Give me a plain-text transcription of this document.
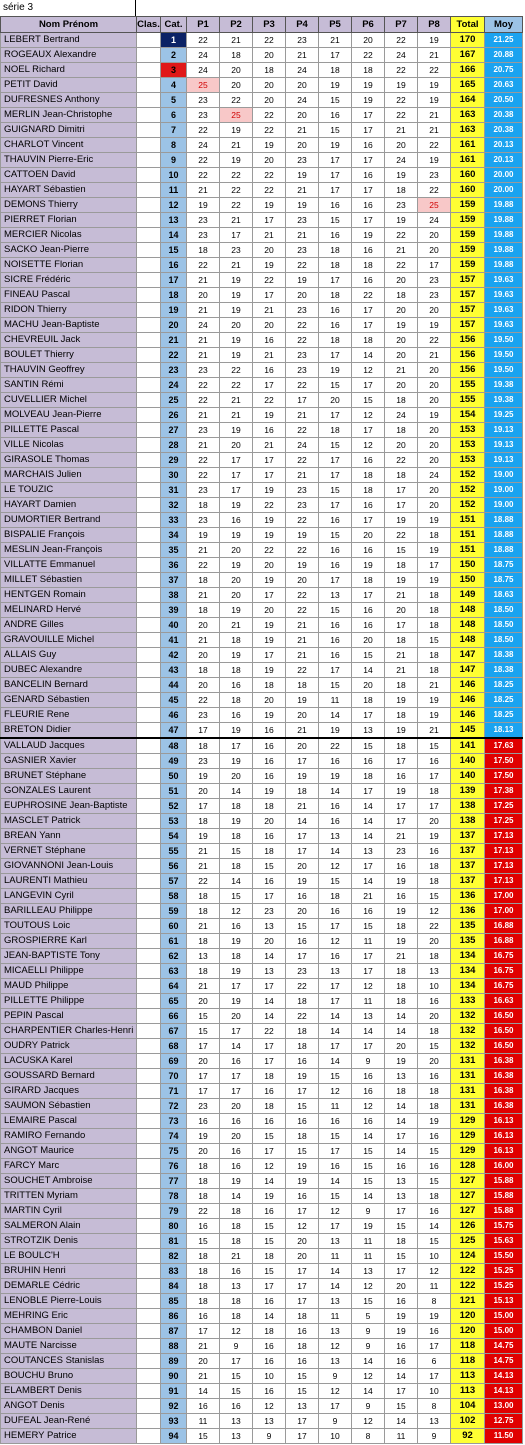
série 3
Nom Prénom	Clas.	Cat.	P1	P2	P3	P4	P5	P6	P7	P8	Total	Moy
LEBERT Bertrand		1	22	21	22	23	21	20	22	19	170	21.25
ROGEAUX Alexandre		2	24	18	20	21	17	22	24	21	167	20.88
NOEL Richard		3	24	20	18	24	18	18	22	22	166	20.75
PETIT David		4	25	20	20	20	19	19	19	19	165	20.63
DUFRESNES Anthony		5	23	22	20	24	15	19	22	19	164	20.50
MERLIN Jean-Christophe		6	23	25	22	20	16	17	22	21	163	20.38
GUIGNARD Dimitri		7	22	19	22	21	15	17	21	21	163	20.38
CHARLOT Vincent		8	24	21	19	20	19	16	20	22	161	20.13
THAUVIN Pierre-Eric		9	22	19	20	23	17	17	24	19	161	20.13
CATTOEN David		10	22	22	22	19	17	16	19	23	160	20.00
HAYART Sébastien		11	21	22	22	21	17	17	18	22	160	20.00
DEMONS Thierry		12	19	22	19	19	16	16	23	25	159	19.88
PIERRET Florian		13	23	21	17	23	15	17	19	24	159	19.88
MERCIER Nicolas		14	23	17	21	21	16	19	22	20	159	19.88
SACKO Jean-Pierre		15	18	23	20	23	18	16	21	20	159	19.88
NOISETTE Florian		16	22	21	19	22	18	18	22	17	159	19.88
SICRE Frédéric		17	21	19	22	19	17	16	20	23	157	19.63
FINEAU Pascal		18	20	19	17	20	18	22	18	23	157	19.63
RIDON Thierry		19	21	19	21	23	16	17	20	20	157	19.63
MACHU Jean-Baptiste		20	24	20	20	22	16	17	19	19	157	19.63
CHEVREUIL Jack		21	21	19	16	22	18	18	20	22	156	19.50
BOULET Thierry		22	21	19	21	23	17	14	20	21	156	19.50
THAUVIN Geoffrey		23	23	22	16	23	19	12	21	20	156	19.50
SANTIN Rémi		24	22	22	17	22	15	17	20	20	155	19.38
CUVELLIER Michel		25	22	21	22	17	20	15	18	20	155	19.38
MOLVEAU Jean-Pierre		26	21	21	19	21	17	12	24	19	154	19.25
PILLETTE Pascal		27	23	19	16	22	18	17	18	20	153	19.13
VILLE Nicolas		28	21	20	21	24	15	12	20	20	153	19.13
GIRASOLE Thomas		29	22	17	17	22	17	16	22	20	153	19.13
MARCHAIS Julien		30	22	17	17	21	17	18	18	24	152	19.00
LE TOUZIC		31	23	17	19	23	15	18	17	20	152	19.00
HAYART Damien		32	18	19	22	23	17	16	17	20	152	19.00
DUMORTIER Bertrand		33	23	16	19	22	16	17	19	19	151	18.88
BISPALIE François		34	19	19	19	19	15	20	22	18	151	18.88
MESLIN Jean-François		35	21	20	22	22	16	16	15	19	151	18.88
VILLATTE Emmanuel		36	22	19	20	19	16	19	18	17	150	18.75
MILLET Sébastien		37	18	20	19	20	17	18	19	19	150	18.75
HENTGEN Romain		38	21	20	17	22	13	17	21	18	149	18.63
MELINARD Hervé		39	18	19	20	22	15	16	20	18	148	18.50
ANDRE Gilles		40	20	21	19	21	16	16	17	18	148	18.50
GRAVOUILLE Michel		41	21	18	19	21	16	20	18	15	148	18.50
ALLAIS Guy		42	20	19	17	21	16	15	21	18	147	18.38
DUBEC Alexandre		43	18	18	19	22	17	14	21	18	147	18.38
BANCELIN Bernard		44	20	16	18	18	15	20	18	21	146	18.25
GENARD Sébastien		45	22	18	20	19	11	18	19	19	146	18.25
FLEURIE Rene		46	23	16	19	20	14	17	18	19	146	18.25
BRETON Didier		47	17	19	16	21	19	13	19	21	145	18.13
VALLAUD Jacques		48	18	17	16	20	22	15	18	15	141	17.63
GASNIER Xavier		49	23	19	16	17	16	16	17	16	140	17.50
BRUNET Stéphane		50	19	20	16	19	19	18	16	17	140	17.50
GONZALES Laurent		51	20	14	19	18	14	17	19	18	139	17.38
EUPHROSINE Jean-Baptiste		52	17	18	18	21	16	14	17	17	138	17.25
MASCLET Patrick		53	18	19	20	14	16	14	17	20	138	17.25
BREAN Yann		54	19	18	16	17	13	14	21	19	137	17.13
VERNET Stéphane		55	21	15	18	17	14	13	23	16	137	17.13
GIOVANNONI Jean-Louis		56	21	18	15	20	12	17	16	18	137	17.13
LAURENTI Mathieu		57	22	14	16	19	15	14	19	18	137	17.13
LANGEVIN Cyril		58	18	15	17	16	18	21	16	15	136	17.00
BARILLEAU Philippe		59	18	12	23	20	16	16	19	12	136	17.00
TOUTOUS Loic		60	21	16	13	15	17	15	18	22	135	16.88
GROSPIERRE Karl		61	18	19	20	16	12	11	19	20	135	16.88
JEAN-BAPTISTE Tony		62	13	18	14	17	16	17	21	18	134	16.75
MICAELLI Philippe		63	18	19	13	23	13	17	18	13	134	16.75
MAUD Philippe		64	21	17	17	22	17	12	18	10	134	16.75
PILLETTE Philippe		65	20	19	14	18	17	11	18	16	133	16.63
PEPIN Pascal		66	15	20	14	22	14	13	14	20	132	16.50
CHARPENTIER Charles-Henri		67	15	17	22	18	14	14	14	18	132	16.50
OUDRY Patrick		68	17	14	17	18	17	17	20	15	132	16.50
LACUSKA Karel		69	20	16	17	16	14	9	19	20	131	16.38
GOUSSARD Bernard		70	17	17	18	19	15	16	13	16	131	16.38
GIRARD Jacques		71	17	17	16	17	12	16	18	18	131	16.38
SAUMON Sébastien		72	23	20	18	15	11	12	14	18	131	16.38
LEMAIRE Pascal		73	16	16	16	16	16	16	14	19	129	16.13
RAMIRO Fernando		74	19	20	15	18	15	14	17	16	129	16.13
ANGOT Maurice		75	20	16	17	15	17	15	14	15	129	16.13
FARCY Marc		76	18	16	12	19	16	15	16	16	128	16.00
SOUCHET Ambroise		77	18	19	14	19	14	15	13	15	127	15.88
TRITTEN Myriam		78	18	14	19	16	15	14	13	18	127	15.88
MARTIN Cyril		79	22	18	16	17	12	9	17	16	127	15.88
SALMERON Alain		80	16	18	15	12	17	19	15	14	126	15.75
STROTZIK Denis		81	15	18	15	20	13	11	18	15	125	15.63
LE BOULC'H		82	18	21	18	20	11	11	15	10	124	15.50
BRUHIN Henri		83	18	16	15	17	14	13	17	12	122	15.25
DEMARLE Cédric		84	18	13	17	17	14	12	20	11	122	15.25
LENOBLE Pierre-Louis		85	18	18	16	17	13	15	16	8	121	15.13
MEHRING Eric		86	16	18	14	18	11	5	19	19	120	15.00
CHAMBON Daniel		87	17	12	18	16	13	9	19	16	120	15.00
MAUTE Narcisse		88	21	9	16	18	12	9	16	17	118	14.75
COUTANCES Stanislas		89	20	17	16	16	13	14	16	6	118	14.75
BOUCHU Bruno		90	21	15	10	15	9	12	14	17	113	14.13
ELAMBERT Denis		91	14	15	16	15	12	14	17	10	113	14.13
ANGOT Denis		92	16	16	12	13	17	9	15	8	104	13.00
DUFEAL Jean-René		93	11	13	13	17	9	12	14	13	102	12.75
HEMERY Patrice		94	15	13	9	17	10	8	11	9	92	11.50
